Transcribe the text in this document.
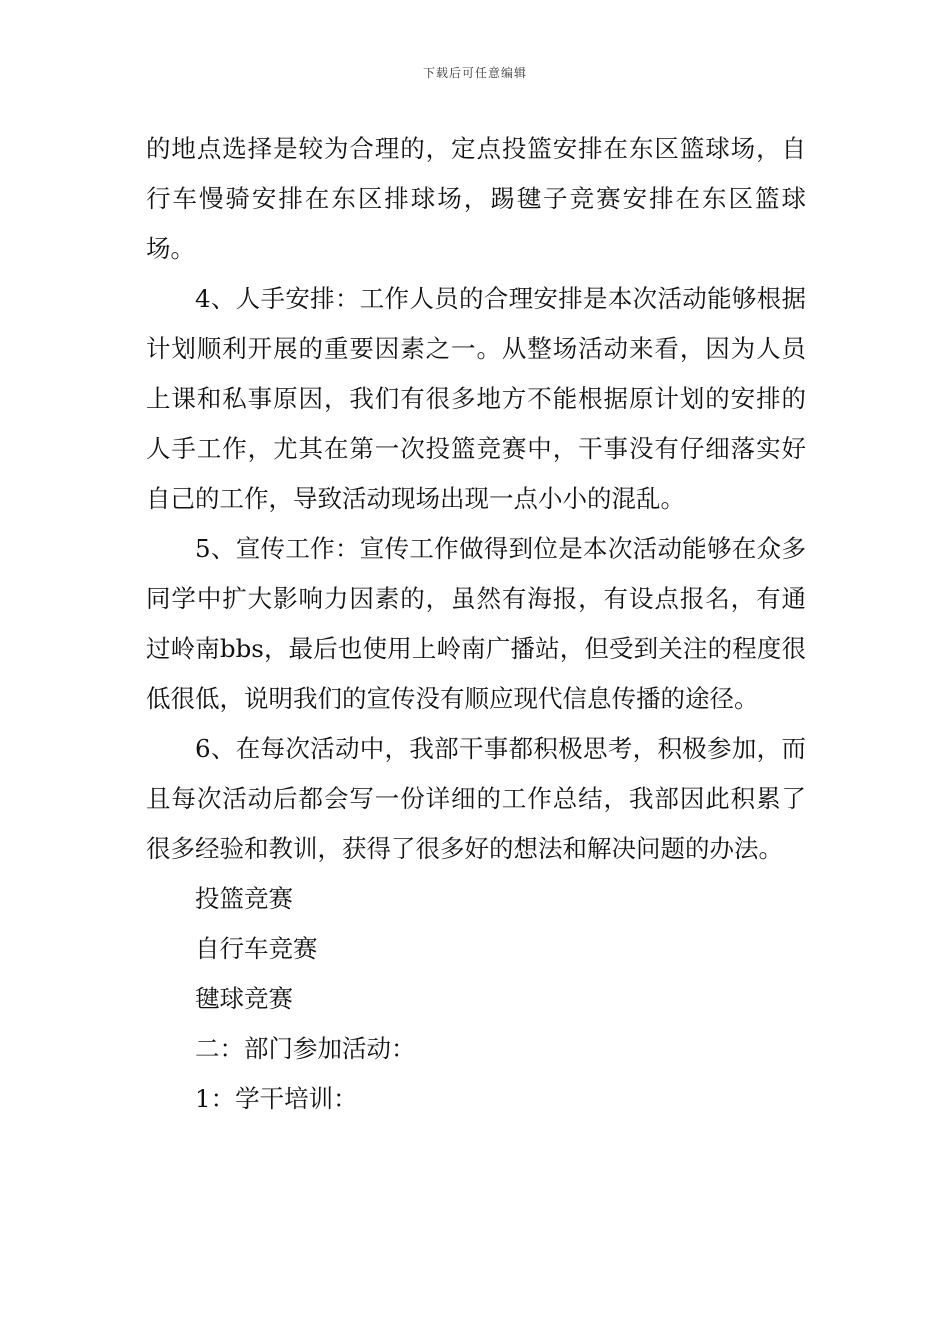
下载后可任意编辑

的地点选择是较为合理的，定点投篮安排在东区篮球场，自行车慢骑安排在东区排球场，踢毽子竞赛安排在东区篮球场。

4、人手安排：工作人员的合理安排是本次活动能够根据计划顺利开展的重要因素之一。从整场活动来看，因为人员上课和私事原因，我们有很多地方不能根据原计划的安排的人手工作，尤其在第一次投篮竞赛中，干事没有仔细落实好自己的工作，导致活动现场出现一点小小的混乱。

5、宣传工作：宣传工作做得到位是本次活动能够在众多同学中扩大影响力因素的，虽然有海报，有设点报名，有通过岭南bbs，最后也使用上岭南广播站，但受到关注的程度很低很低，说明我们的宣传没有顺应现代信息传播的途径。

6、在每次活动中，我部干事都积极思考，积极参加，而且每次活动后都会写一份详细的工作总结，我部因此积累了很多经验和教训，获得了很多好的想法和解决问题的办法。

投篮竞赛

自行车竞赛

毽球竞赛

二：部门参加活动：

1：学干培训：
